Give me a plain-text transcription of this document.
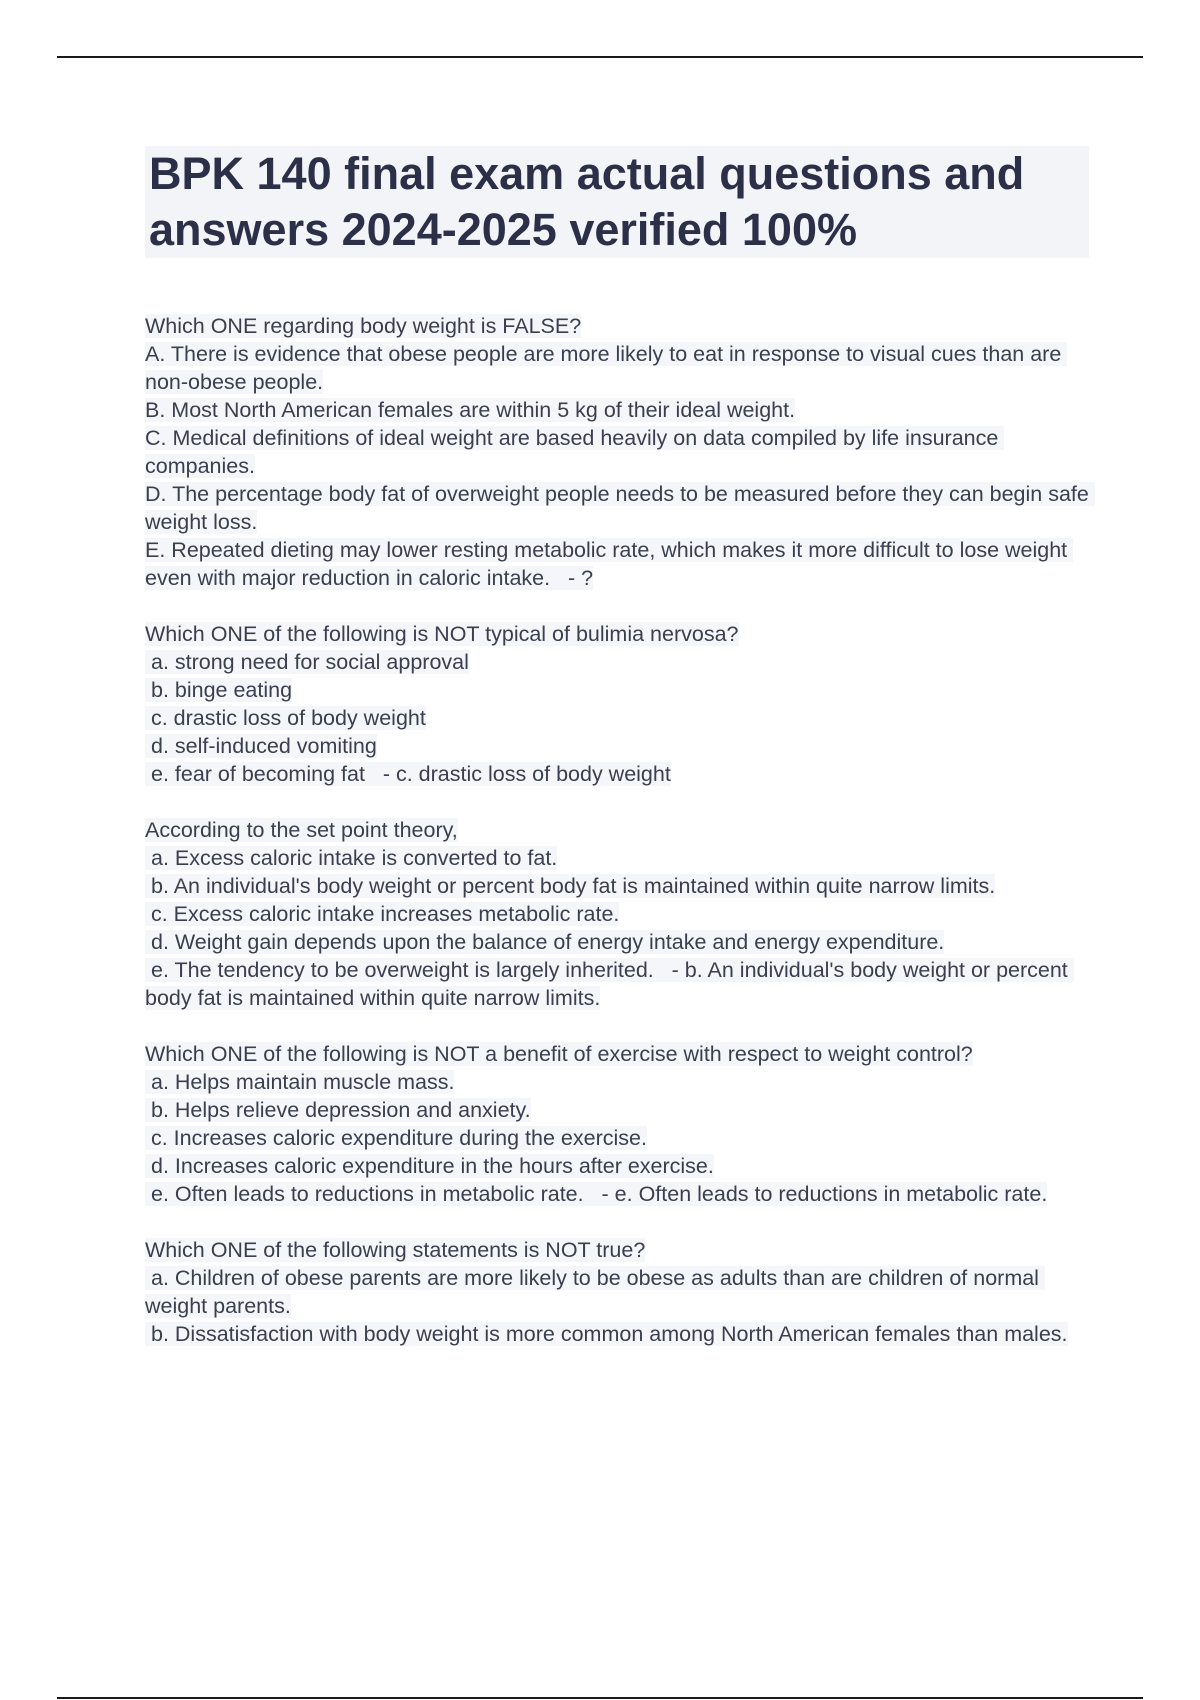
BPK 140 final exam actual questions and answers 2024-2025 verified 100%
Which ONE regarding body weight is FALSE?
A. There is evidence that obese people are more likely to eat in response to visual cues than are non-obese people.
B. Most North American females are within 5 kg of their ideal weight.
C. Medical definitions of ideal weight are based heavily on data compiled by life insurance companies.
D. The percentage body fat of overweight people needs to be measured before they can begin safe weight loss.
E. Repeated dieting may lower resting metabolic rate, which makes it more difficult to lose weight even with major reduction in caloric intake.   - ?
Which ONE of the following is NOT typical of bulimia nervosa?
a. strong need for social approval
b. binge eating
c. drastic loss of body weight
d. self-induced vomiting
e. fear of becoming fat   - c. drastic loss of body weight
According to the set point theory,
a. Excess caloric intake is converted to fat.
b. An individual's body weight or percent body fat is maintained within quite narrow limits.
c. Excess caloric intake increases metabolic rate.
d. Weight gain depends upon the balance of energy intake and energy expenditure.
e. The tendency to be overweight is largely inherited.   - b. An individual's body weight or percent body fat is maintained within quite narrow limits.
Which ONE of the following is NOT a benefit of exercise with respect to weight control?
a. Helps maintain muscle mass.
b. Helps relieve depression and anxiety.
c. Increases caloric expenditure during the exercise.
d. Increases caloric expenditure in the hours after exercise.
e. Often leads to reductions in metabolic rate.   - e. Often leads to reductions in metabolic rate.
Which ONE of the following statements is NOT true?
a. Children of obese parents are more likely to be obese as adults than are children of normal weight parents.
b. Dissatisfaction with body weight is more common among North American females than males.
